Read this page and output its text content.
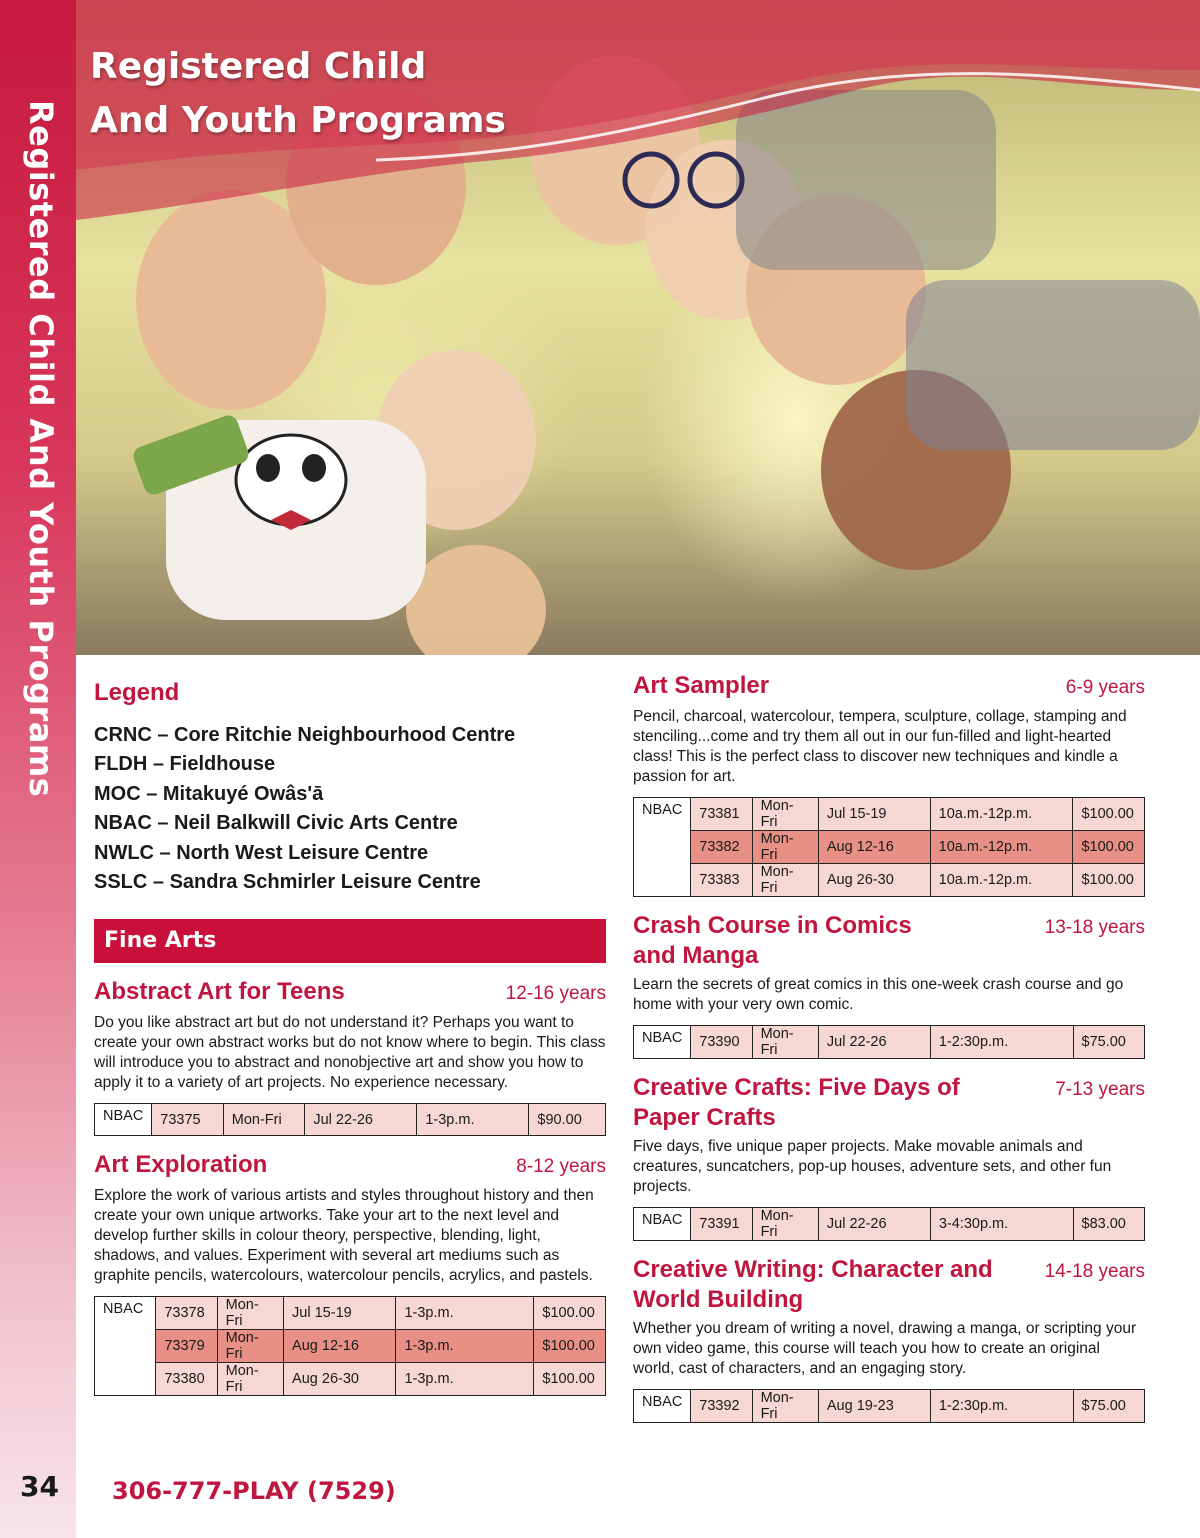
Registered Child And Youth Programs
Registered Child
And Youth Programs
Legend
CRNC – Core Ritchie Neighbourhood Centre
FLDH – Fieldhouse
MOC – Mitakuyé Owâs'ā
NBAC – Neil Balkwill Civic Arts Centre
NWLC – North West Leisure Centre
SSLC – Sandra Schmirler Leisure Centre
Fine Arts
Abstract Art for Teens	12-16 years
Do you like abstract art but do not understand it? Perhaps you want to create your own abstract works but do not know where to begin. This class will introduce you to abstract and nonobjective art and show you how to apply it to a variety of art projects. No experience necessary.
NBAC	73375	Mon-Fri	Jul 22-26	1-3p.m.	$90.00
Art Exploration	8-12 years
Explore the work of various artists and styles throughout history and then create your own unique artworks. Take your art to the next level and develop further skills in colour theory, perspective, blending, light, shadows, and values. Experiment with several art mediums such as graphite pencils, watercolours, watercolour pencils, acrylics, and pastels.
NBAC	73378	Mon-Fri	Jul 15-19	1-3p.m.	$100.00
	73379	Mon-Fri	Aug 12-16	1-3p.m.	$100.00
	73380	Mon-Fri	Aug 26-30	1-3p.m.	$100.00
Art Sampler	6-9 years
Pencil, charcoal, watercolour, tempera, sculpture, collage, stamping and stenciling...come and try them all out in our fun-filled and light-hearted class! This is the perfect class to discover new techniques and kindle a passion for art.
NBAC	73381	Mon-Fri	Jul 15-19	10a.m.-12p.m.	$100.00
	73382	Mon-Fri	Aug 12-16	10a.m.-12p.m.	$100.00
	73383	Mon-Fri	Aug 26-30	10a.m.-12p.m.	$100.00
Crash Course in Comics and Manga
13-18 years
Learn the secrets of great comics in this one-week crash course and go home with your very own comic.
NBAC	73390	Mon-Fri	Jul 22-26	1-2:30p.m.	$75.00
Creative Crafts: Five Days of Paper Crafts
7-13 years
Five days, five unique paper projects. Make movable animals and creatures, suncatchers, pop-up houses, adventure sets, and other fun projects.
NBAC	73391	Mon-Fri	Jul 22-26	3-4:30p.m.	$83.00
Creative Writing: Character and World Building
14-18 years
Whether you dream of writing a novel, drawing a manga, or scripting your own video game, this course will teach you how to create an original world, cast of characters, and an engaging story.
NBAC	73392	Mon-Fri	Aug 19-23	1-2:30p.m.	$75.00
34 306-777-PLAY (7529)
